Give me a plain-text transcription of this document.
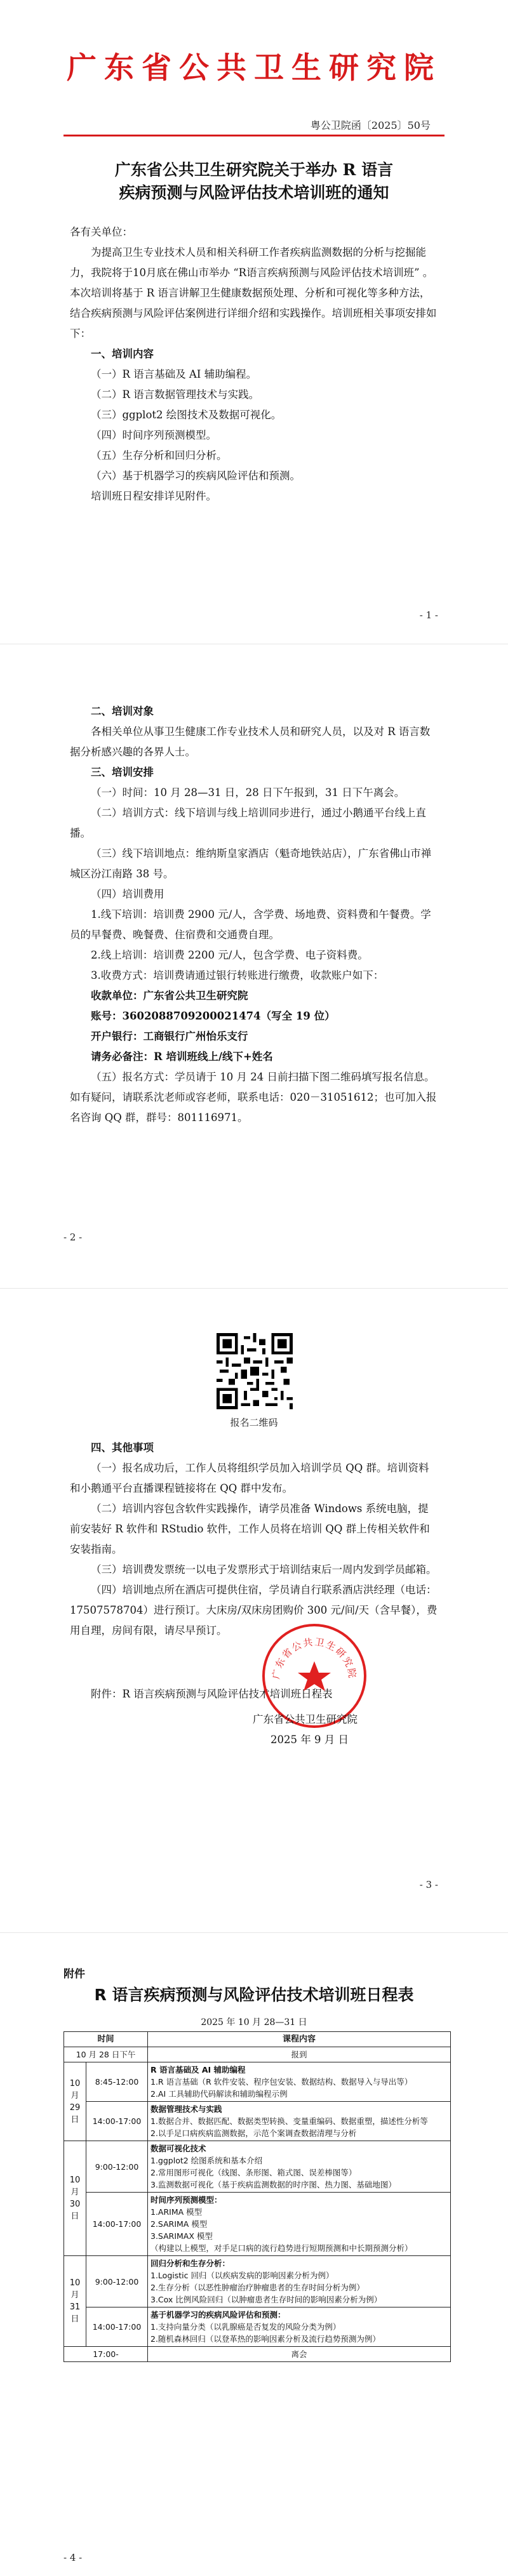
广东省公共卫生研究院
粤公卫院函〔2025〕50号
广东省公共卫生研究院关于举办 R 语言
疾病预测与风险评估技术培训班的通知

各有关单位：

为提高卫生专业技术人员和相关科研工作者疾病监测数据的分析与挖掘能力，我院将于10月底在佛山市举办 “R语言疾病预测与风险评估技术培训班” 。本次培训将基于 R 语言讲解卫生健康数据预处理、分析和可视化等多种方法，结合疾病预测与风险评估案例进行详细介绍和实践操作。培训班相关事项安排如下：

一、培训内容

（一）R 语言基础及 AI 辅助编程。

（二）R 语言数据管理技术与实践。

（三）ggplot2 绘图技术及数据可视化。

（四）时间序列预测模型。

（五）生存分析和回归分析。

（六）基于机器学习的疾病风险评估和预测。

培训班日程安排详见附件。

- 1 -

二、培训对象

各相关单位从事卫生健康工作专业技术人员和研究人员，以及对 R 语言数据分析感兴趣的各界人士。

三、培训安排

（一）时间：10 月 28—31 日，28 日下午报到，31 日下午离会。

（二）培训方式：线下培训与线上培训同步进行，通过小鹅通平台线上直播。

（三）线下培训地点：维纳斯皇家酒店（魁奇地铁站店），广东省佛山市禅城区汾江南路 38 号。

（四）培训费用

1.线下培训：培训费 2900 元/人，含学费、场地费、资料费和午餐费。学员的早餐费、晚餐费、住宿费和交通费自理。

2.线上培训：培训费 2200 元/人，包含学费、电子资料费。

3.收费方式：培训费请通过银行转账进行缴费，收款账户如下：

收款单位：广东省公共卫生研究院

账号：3602088709200021474（写全 19 位）

开户银行：工商银行广州怡乐支行

请务必备注：R 培训班线上/线下+姓名

（五）报名方式：学员请于 10 月 24 日前扫描下图二维码填写报名信息。如有疑问，请联系沈老师或容老师，联系电话：020－31051612；也可加入报名咨询 QQ 群，群号：801116971。

- 2 -
报名二维码

四、其他事项

（一）报名成功后，工作人员将组织学员加入培训学员 QQ 群。培训资料和小鹅通平台直播课程链接将在 QQ 群中发布。

（二）培训内容包含软件实践操作，请学员准备 Windows 系统电脑，提前安装好 R 软件和 RStudio 软件，工作人员将在培训 QQ 群上传相关软件和安装指南。

（三）培训费发票统一以电子发票形式于培训结束后一周内发到学员邮箱。

（四）培训地点所在酒店可提供住宿，学员请自行联系酒店洪经理（电话：17507578704）进行预订。大床房/双床房团购价 300 元/间/天（含早餐），费用自理，房间有限，请尽早预订。

附件：R 语言疾病预测与风险评估技术培训班日程表
广东省公共卫生研究院
广东省公共卫生研究院
2025 年 9 月 日
- 3 -
附件
R 语言疾病预测与风险评估技术培训班日程表
2025 年 10 月 28—31 日
时间		课程内容
10 月 28 日下午		报到
10 月 29 日	8:45-12:00	R 语言基础及 AI 辅助编程
1.R 语言基础（R 软件安装、程序包安装、数据结构、数据导入与导出等）
2.AI 工具辅助代码解读和辅助编程示例

	14:00-17:00	数据管理技术与实践
1.数据合并、数据匹配、数据类型转换、变量重编码、数据重塑，描述性分析等
2.以手足口病疾病监测数据，示范个案调查数据清理与分析

10 月 30 日	9:00-12:00	数据可视化技术
1.ggplot2 绘图系统和基本介绍
2.常用图形可视化（线图、条形图、箱式图、误差棒图等）
3.监测数据可视化（基于疾病监测数据的时序图、热力图、基础地图）

	14:00-17:00	时间序列预测模型：
1.ARIMA 模型
2.SARIMA 模型
3.SARIMAX 模型
（构建以上模型，对手足口病的流行趋势进行短期预测和中长期预测分析）

10 月 31 日	9:00-12:00	回归分析和生存分析：
1.Logistic 回归（以疾病发病的影响因素分析为例）
2.生存分析（以恶性肿瘤治疗肿瘤患者的生存时间分析为例）
3.Cox 比例风险回归（以肿瘤患者生存时间的影响因素分析为例）

	14:00-17:00	基于机器学习的疾病风险评估和预测：
1.支持向量分类（以乳腺癌是否复发的风险分类为例）
2.随机森林回归（以登革热的影响因素分析及流行趋势预测为例）

17:00-		离会
- 4 -
